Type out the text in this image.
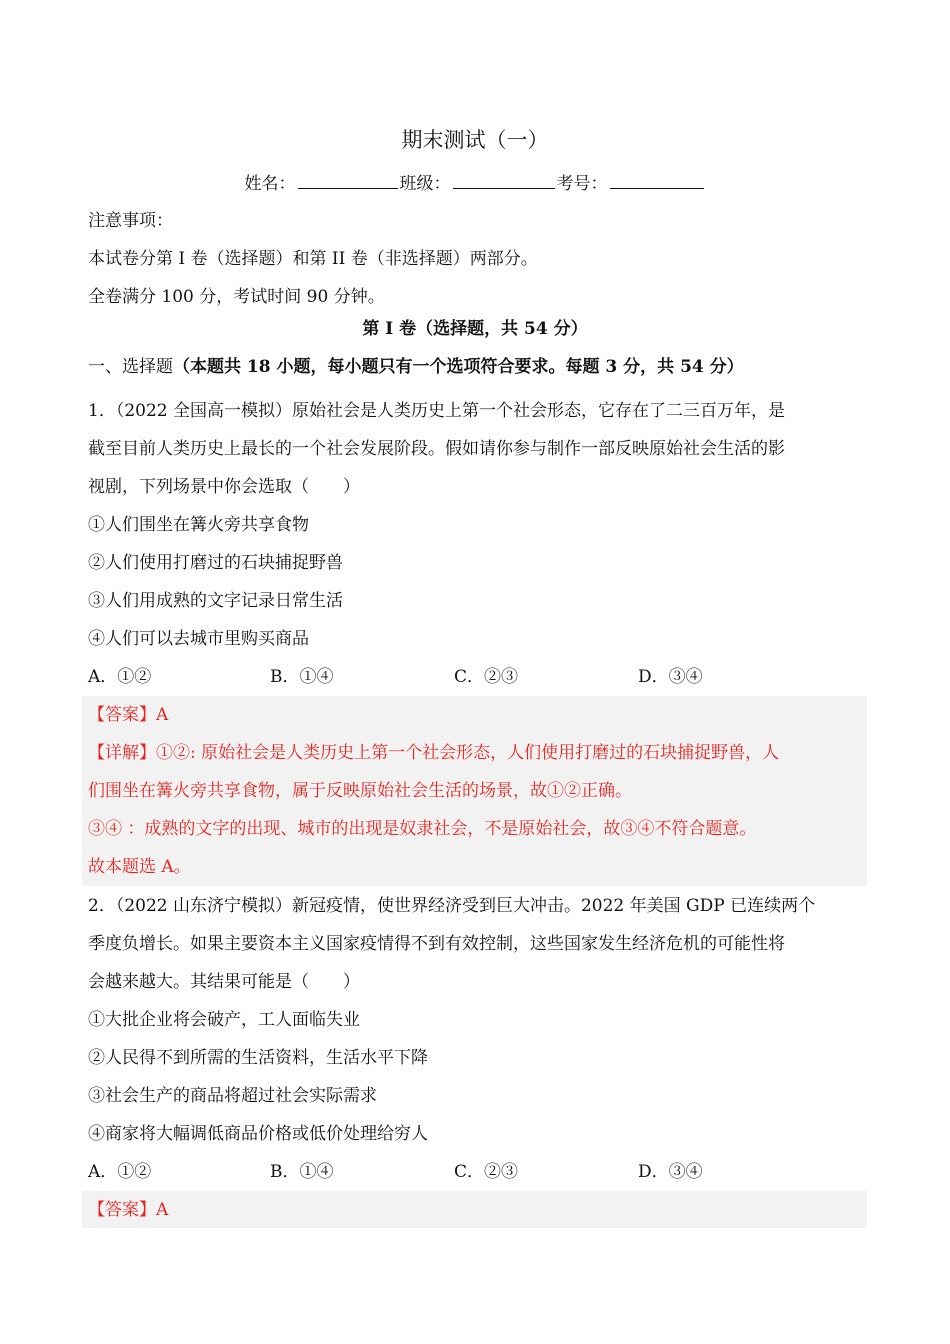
期末测试（一）
姓名：	班级：	考号：
注意事项：
本试卷分第 I 卷（选择题）和第 II 卷（非选择题）两部分。
全卷满分 100 分，考试时间 90 分钟。
第 I 卷（选择题，共 54 分）
一、选择题（本题共 18 小题，每小题只有一个选项符合要求。每题 3 分，共 54 分）
1．（2022 全国高一模拟）原始社会是人类历史上第一个社会形态，它存在了二三百万年，是
截至目前人类历史上最长的一个社会发展阶段。假如请你参与制作一部反映原始社会生活的影
视剧，下列场景中你会选取（　　）
①人们围坐在篝火旁共享食物
②人们使用打磨过的石块捕捉野兽
③人们用成熟的文字记录日常生活
④人们可以去城市里购买商品
A．①②	B．①④	C．②③	D．③④
【答案】A
【详解】①②: 原始社会是人类历史上第一个社会形态，人们使用打磨过的石块捕捉野兽，人
们围坐在篝火旁共享食物，属于反映原始社会生活的场景，故①②正确。
③④ ：成熟的文字的出现、城市的出现是奴隶社会，不是原始社会，故③④不符合题意。
故本题选 A。
2．（2022 山东济宁模拟）新冠疫情，使世界经济受到巨大冲击。2022 年美国 GDP 已连续两个
季度负增长。如果主要资本主义国家疫情得不到有效控制，这些国家发生经济危机的可能性将
会越来越大。其结果可能是（　　）
①大批企业将会破产，工人面临失业
②人民得不到所需的生活资料，生活水平下降
③社会生产的商品将超过社会实际需求
④商家将大幅调低商品价格或低价处理给穷人
A．①②	B．①④	C．②③	D．③④
【答案】A
